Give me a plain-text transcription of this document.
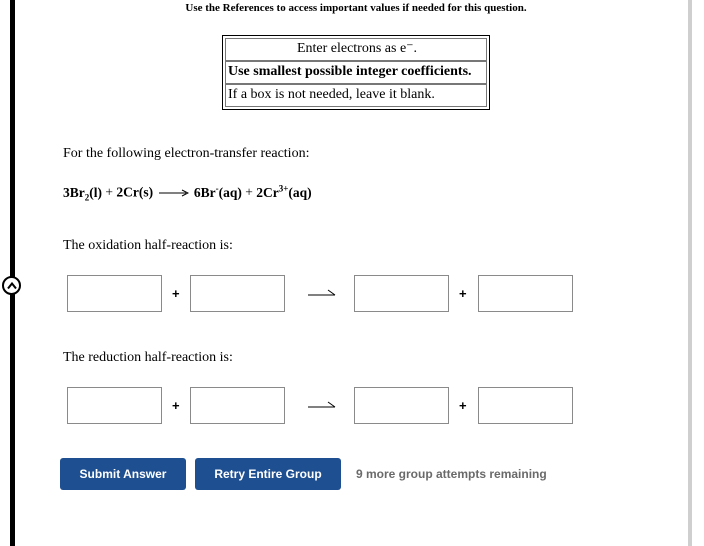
Use the References to access important values if needed for this question.
Enter electrons as e⁻.
Use smallest possible integer coefficients.
If a box is not needed, leave it blank.
For the following electron-transfer reaction:
$3Br_2(l) + 2Cr(s) \to 6Br^-(aq) + 2Cr^{3+}(aq)$
The oxidation half-reaction is:
+	+
The reduction half-reaction is:
+	+
Submit Answer	Retry Entire Group	9 more group attempts remaining
